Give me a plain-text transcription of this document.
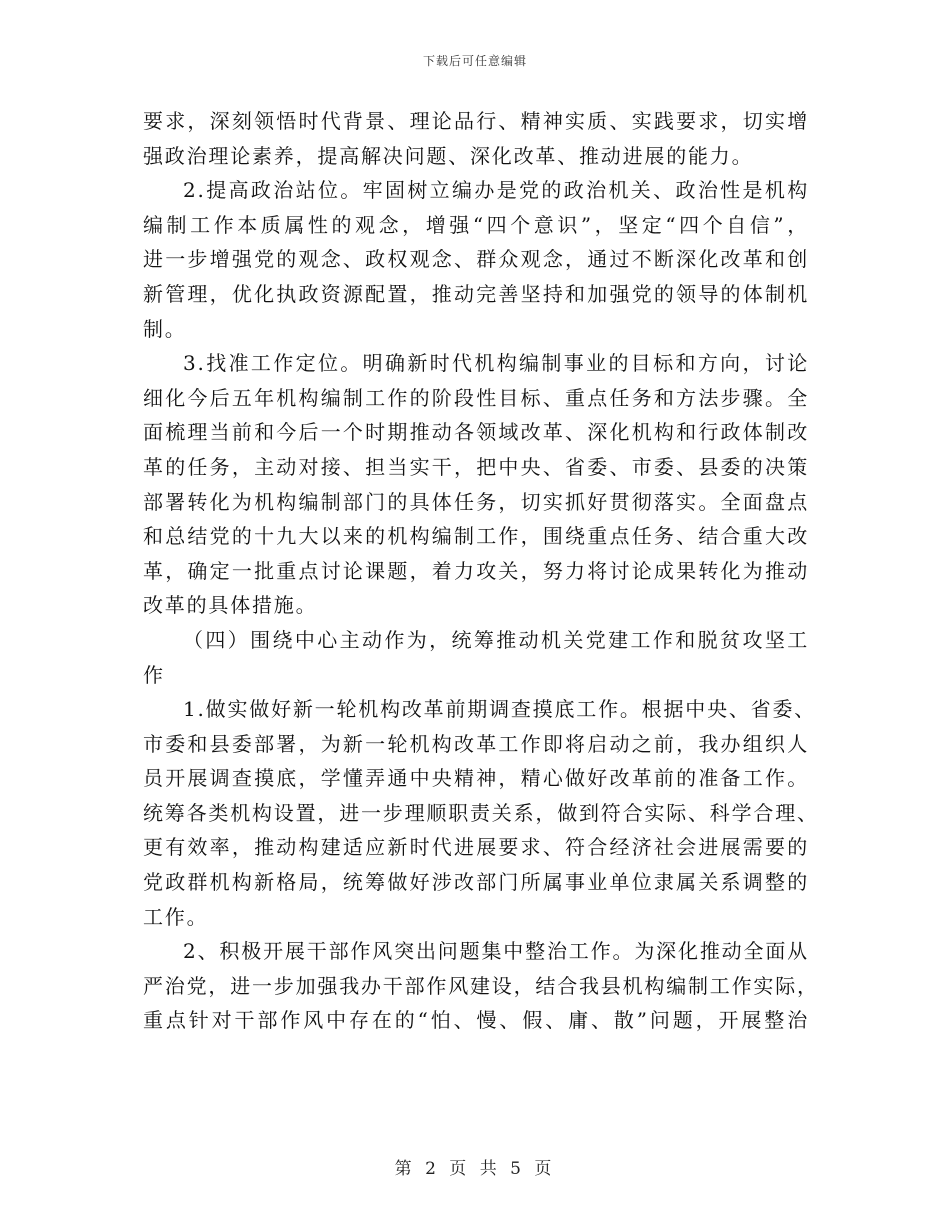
下载后可任意编辑
要求，深刻领悟时代背景、理论品行、精神实质、实践要求，切实增
强政治理论素养，提高解决问题、深化改革、推动进展的能力。
2.提高政治站位。牢固树立编办是党的政治机关、政治性是机构
编制工作本质属性的观念，增强“四个意识”，坚定“四个自信”，
进一步增强党的观念、政权观念、群众观念，通过不断深化改革和创
新管理，优化执政资源配置，推动完善坚持和加强党的领导的体制机
制。
3.找准工作定位。明确新时代机构编制事业的目标和方向，讨论
细化今后五年机构编制工作的阶段性目标、重点任务和方法步骤。全
面梳理当前和今后一个时期推动各领域改革、深化机构和行政体制改
革的任务，主动对接、担当实干，把中央、省委、市委、县委的决策
部署转化为机构编制部门的具体任务，切实抓好贯彻落实。全面盘点
和总结党的十九大以来的机构编制工作，围绕重点任务、结合重大改
革，确定一批重点讨论课题，着力攻关，努力将讨论成果转化为推动
改革的具体措施。
（四）围绕中心主动作为，统筹推动机关党建工作和脱贫攻坚工
作
1.做实做好新一轮机构改革前期调查摸底工作。根据中央、省委、
市委和县委部署，为新一轮机构改革工作即将启动之前，我办组织人
员开展调查摸底，学懂弄通中央精神，精心做好改革前的准备工作。
统筹各类机构设置，进一步理顺职责关系，做到符合实际、科学合理、
更有效率，推动构建适应新时代进展要求、符合经济社会进展需要的
党政群机构新格局，统筹做好涉改部门所属事业单位隶属关系调整的
工作。
2、积极开展干部作风突出问题集中整治工作。为深化推动全面从
严治党，进一步加强我办干部作风建设，结合我县机构编制工作实际，
重点针对干部作风中存在的“怕、慢、假、庸、散”问题，开展整治
第 2 页 共 5 页
